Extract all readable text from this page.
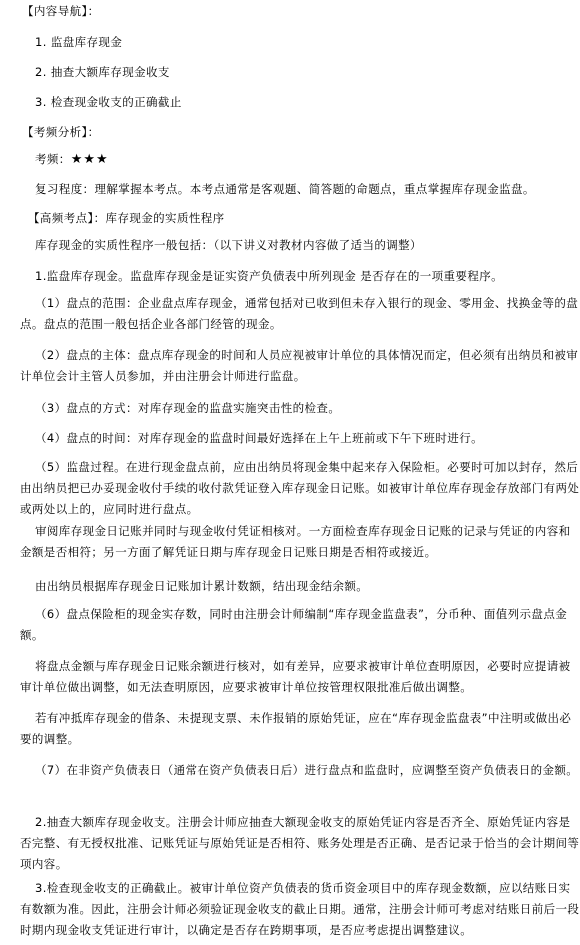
【内容导航】：
1. 监盘库存现金
2. 抽查大额库存现金收支
3. 检查现金收支的正确截止
【考频分析】：
考频：★★★
复习程度：理解掌握本考点。本考点通常是客观题、简答题的命题点，重点掌握库存现金监盘。
【高频考点】：库存现金的实质性程序
库存现金的实质性程序一般包括：（以下讲义对教材内容做了适当的调整）
1.监盘库存现金。监盘库存现金是证实资产负债表中所列现金 是否存在的一项重要程序。
（1）盘点的范围：企业盘点库存现金，通常包括对已收到但未存入银行的现金、零用金、找换金等的盘点。盘点的范围一般包括企业各部门经管的现金。
（2）盘点的主体：盘点库存现金的时间和人员应视被审计单位的具体情况而定，但必须有出纳员和被审计单位会计主管人员参加，并由注册会计师进行监盘。
（3）盘点的方式：对库存现金的监盘实施突击性的检查。
（4）盘点的时间：对库存现金的监盘时间最好选择在上午上班前或下午下班时进行。
（5）监盘过程。在进行现金盘点前，应由出纳员将现金集中起来存入保险柜。必要时可加以封存，然后由出纳员把已办妥现金收付手续的收付款凭证登入库存现金日记账。如被审计单位库存现金存放部门有两处或两处以上的，应同时进行盘点。
审阅库存现金日记账并同时与现金收付凭证相核对。一方面检查库存现金日记账的记录与凭证的内容和金额是否相符；另一方面了解凭证日期与库存现金日记账日期是否相符或接近。
由出纳员根据库存现金日记账加计累计数额，结出现金结余额。
（6）盘点保险柜的现金实存数，同时由注册会计师编制“库存现金监盘表”，分币种、面值列示盘点金额。
将盘点金额与库存现金日记账余额进行核对，如有差异，应要求被审计单位查明原因，必要时应提请被审计单位做出调整，如无法查明原因，应要求被审计单位按管理权限批准后做出调整。
若有冲抵库存现金的借条、未提现支票、未作报销的原始凭证，应在“库存现金监盘表”中注明或做出必要的调整。
（7）在非资产负债表日（通常在资产负债表日后）进行盘点和监盘时，应调整至资产负债表日的金额。
2.抽查大额库存现金收支。注册会计师应抽查大额现金收支的原始凭证内容是否齐全、原始凭证内容是否完整、有无授权批准、记账凭证与原始凭证是否相符、账务处理是否正确、是否记录于恰当的会计期间等项内容。
3.检查现金收支的正确截止。被审计单位资产负债表的货币资金项目中的库存现金数额，应以结账日实有数额为准。因此，注册会计师必须验证现金收支的截止日期。通常，注册会计师可考虑对结账日前后一段时期内现金收支凭证进行审计，以确定是否存在跨期事项，是否应考虑提出调整建议。
